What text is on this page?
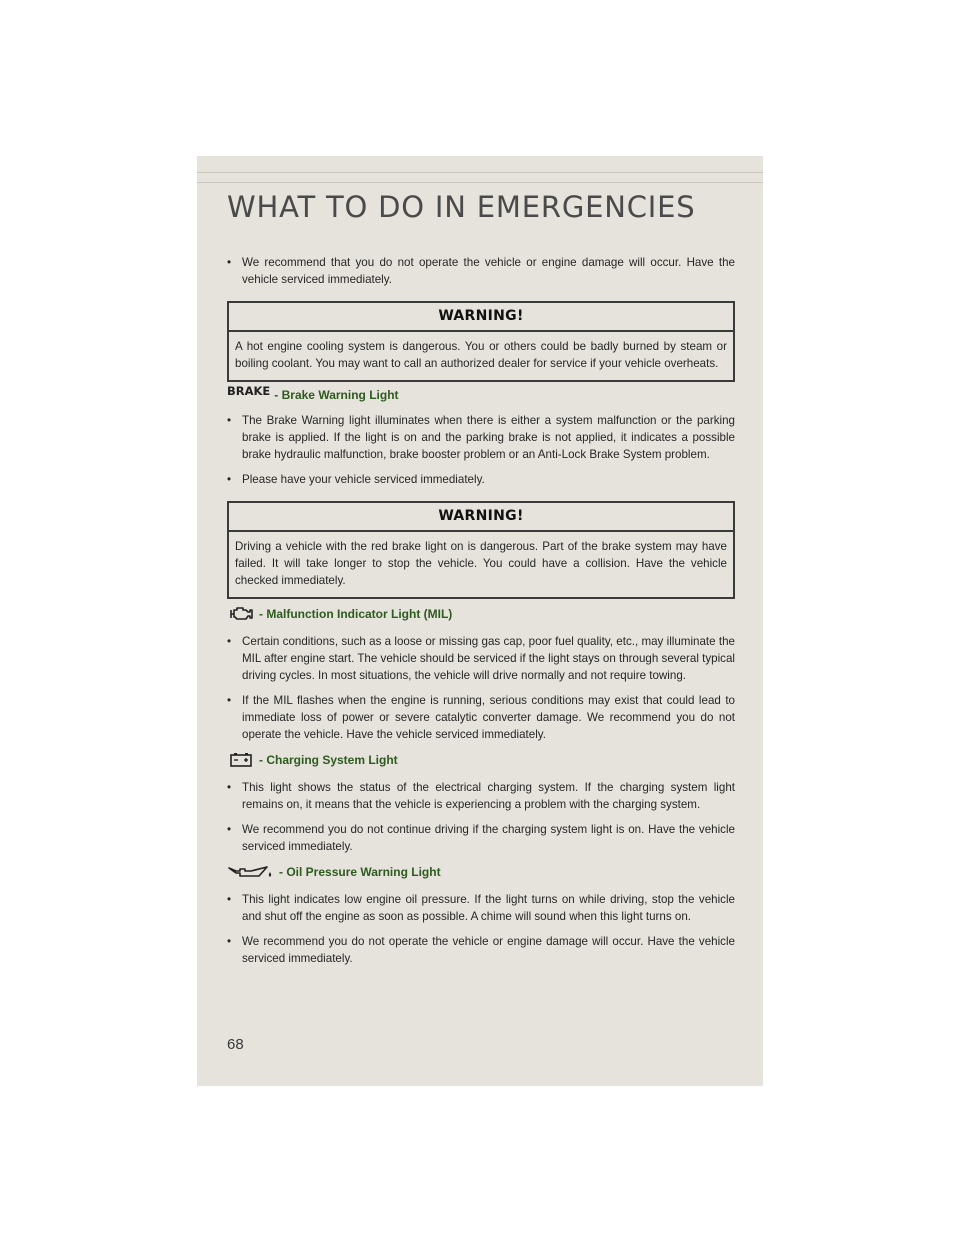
WHAT TO DO IN EMERGENCIES
• We recommend that you do not operate the vehicle or engine damage will occur. Have the vehicle serviced immediately.
WARNING!
A hot engine cooling system is dangerous. You or others could be badly burned by steam or boiling coolant. You may want to call an authorized dealer for service if your vehicle overheats.
BRAKE - Brake Warning Light
• The Brake Warning light illuminates when there is either a system malfunction or the parking brake is applied. If the light is on and the parking brake is not applied, it indicates a possible brake hydraulic malfunction, brake booster problem or an Anti-Lock Brake System problem.
• Please have your vehicle serviced immediately.
WARNING!
Driving a vehicle with the red brake light on is dangerous. Part of the brake system may have failed. It will take longer to stop the vehicle. You could have a collision. Have the vehicle checked immediately.
- Malfunction Indicator Light (MIL)
• Certain conditions, such as a loose or missing gas cap, poor fuel quality, etc., may illuminate the MIL after engine start. The vehicle should be serviced if the light stays on through several typical driving cycles. In most situations, the vehicle will drive normally and not require towing.
• If the MIL flashes when the engine is running, serious conditions may exist that could lead to immediate loss of power or severe catalytic converter damage. We recommend you do not operate the vehicle. Have the vehicle serviced immediately.
- Charging System Light
• This light shows the status of the electrical charging system. If the charging system light remains on, it means that the vehicle is experiencing a problem with the charging system.
• We recommend you do not continue driving if the charging system light is on. Have the vehicle serviced immediately.
- Oil Pressure Warning Light
• This light indicates low engine oil pressure. If the light turns on while driving, stop the vehicle and shut off the engine as soon as possible. A chime will sound when this light turns on.
• We recommend you do not operate the vehicle or engine damage will occur. Have the vehicle serviced immediately.
68
